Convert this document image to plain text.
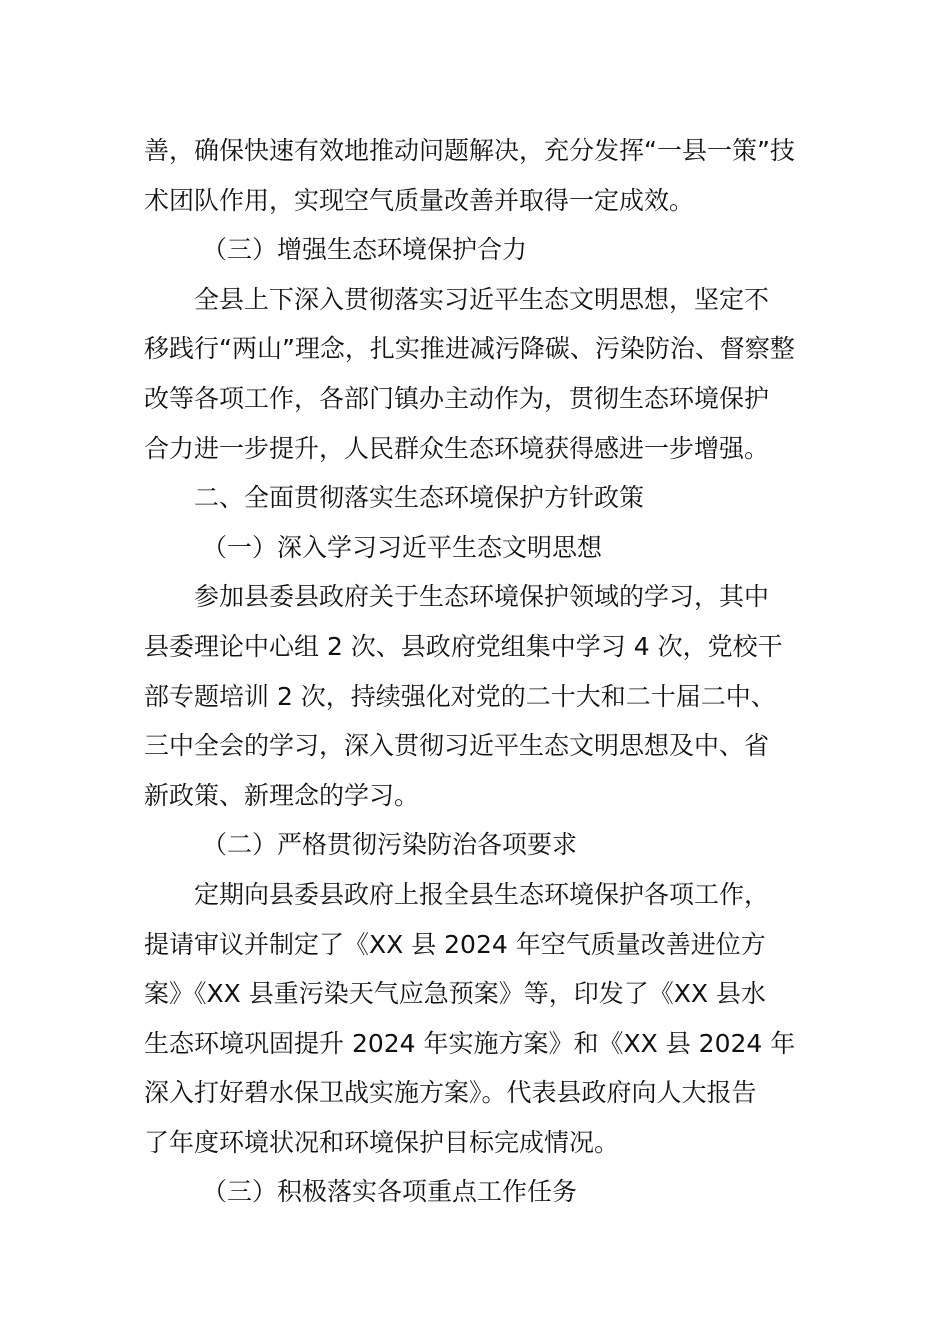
善，确保快速有效地推动问题解决，充分发挥“一县一策”技
术团队作用，实现空气质量改善并取得一定成效。
（三）增强生态环境保护合力
全县上下深入贯彻落实习近平生态文明思想，坚定不
移践行“两山”理念，扎实推进减污降碳、污染防治、督察整
改等各项工作，各部门镇办主动作为，贯彻生态环境保护
合力进一步提升，人民群众生态环境获得感进一步增强。
二、全面贯彻落实生态环境保护方针政策
（一）深入学习习近平生态文明思想
参加县委县政府关于生态环境保护领域的学习，其中
县委理论中心组 2 次、县政府党组集中学习 4 次，党校干
部专题培训 2 次，持续强化对党的二十大和二十届二中、
三中全会的学习，深入贯彻习近平生态文明思想及中、省
新政策、新理念的学习。
（二）严格贯彻污染防治各项要求
定期向县委县政府上报全县生态环境保护各项工作，
提请审议并制定了《XX 县 2024 年空气质量改善进位方
案》《XX 县重污染天气应急预案》等，印发了《XX 县水
生态环境巩固提升 2024 年实施方案》和《XX 县 2024 年
深入打好碧水保卫战实施方案》。代表县政府向人大报告
了年度环境状况和环境保护目标完成情况。
（三）积极落实各项重点工作任务
